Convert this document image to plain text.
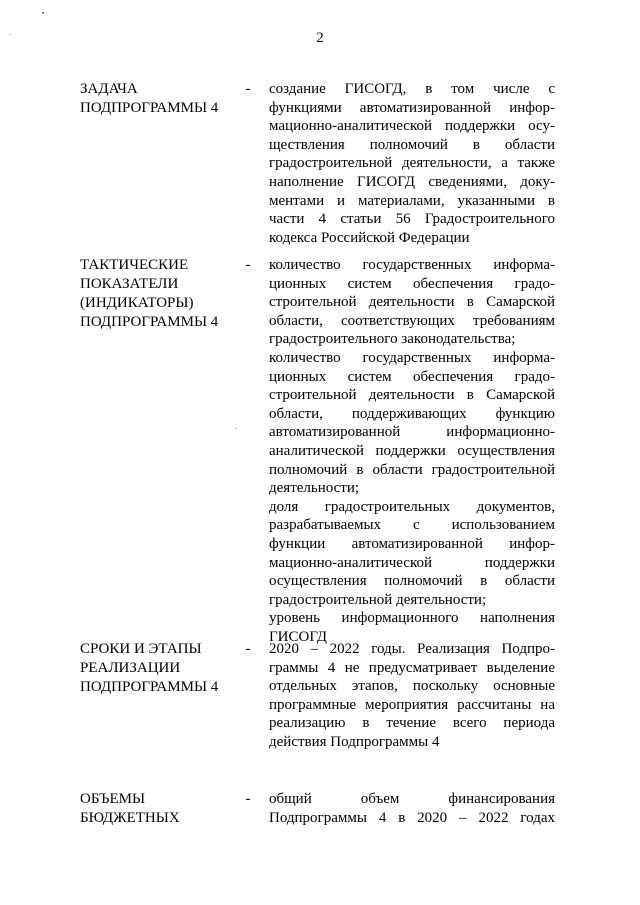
2
ЗАДАЧА
ПОДПРОГРАММЫ 4
- создание ГИСОГД, в том числе с
функциями автоматизированной инфор-
мационно-аналитической поддержки осу-
ществления полномочий в области
градостроительной деятельности, а также
наполнение ГИСОГД сведениями, доку-
ментами и материалами, указанными в
части 4 статьи 56 Градостроительного
кодекса Российской Федерации
ТАКТИЧЕСКИЕ
ПОКАЗАТЕЛИ
(ИНДИКАТОРЫ)
ПОДПРОГРАММЫ 4
- количество государственных информа-
ционных систем обеспечения градо-
строительной деятельности в Самарской
области, соответствующих требованиям
градостроительного законодательства;
количество государственных информа-
ционных систем обеспечения градо-
строительной деятельности в Самарской
области, поддерживающих функцию
автоматизированной информационно-
аналитической поддержки осуществления
полномочий в области градостроительной
деятельности;
доля градостроительных документов,
разрабатываемых с использованием
функции автоматизированной инфор-
мационно-аналитической поддержки
осуществления полномочий в области
градостроительной деятельности;
уровень информационного наполнения
ГИСОГД
СРОКИ И ЭТАПЫ
РЕАЛИЗАЦИИ
ПОДПРОГРАММЫ 4
- 2020 – 2022 годы. Реализация Подпро-
граммы 4 не предусматривает выделение
отдельных этапов, поскольку основные
программные мероприятия рассчитаны на
реализацию в течение всего периода
действия Подпрограммы 4
ОБЪЕМЫ
БЮДЖЕТНЫХ
- общий объем финансирования
Подпрограммы 4 в 2020 – 2022 годах
